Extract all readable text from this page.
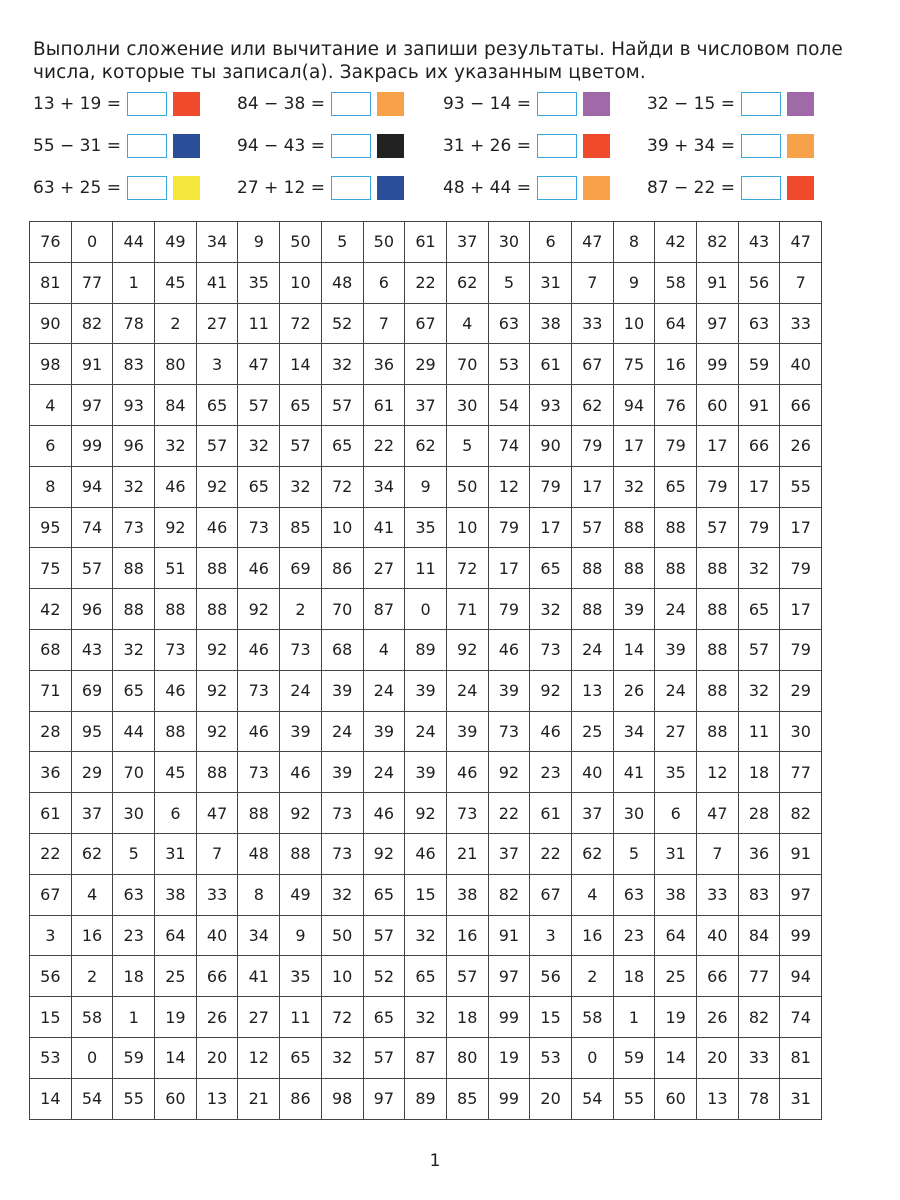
Выполни сложение или вычитание и запиши результаты. Найди в числовом поле
числа, которые ты записал(а). Закрась их указанным цветом.
13 + 19 =	84 − 38 =	93 − 14 =	32 − 15 =
55 − 31 =	94 − 43 =	31 + 26 =	39 + 34 =
63 + 25 =	27 + 12 =	48 + 44 =	87 − 22 =
76	0	44	49	34	9	50	5	50	61	37	30	6	47	8	42	82	43	47
81	77	1	45	41	35	10	48	6	22	62	5	31	7	9	58	91	56	7
90	82	78	2	27	11	72	52	7	67	4	63	38	33	10	64	97	63	33
98	91	83	80	3	47	14	32	36	29	70	53	61	67	75	16	99	59	40
4	97	93	84	65	57	65	57	61	37	30	54	93	62	94	76	60	91	66
6	99	96	32	57	32	57	65	22	62	5	74	90	79	17	79	17	66	26
8	94	32	46	92	65	32	72	34	9	50	12	79	17	32	65	79	17	55
95	74	73	92	46	73	85	10	41	35	10	79	17	57	88	88	57	79	17
75	57	88	51	88	46	69	86	27	11	72	17	65	88	88	88	88	32	79
42	96	88	88	88	92	2	70	87	0	71	79	32	88	39	24	88	65	17
68	43	32	73	92	46	73	68	4	89	92	46	73	24	14	39	88	57	79
71	69	65	46	92	73	24	39	24	39	24	39	92	13	26	24	88	32	29
28	95	44	88	92	46	39	24	39	24	39	73	46	25	34	27	88	11	30
36	29	70	45	88	73	46	39	24	39	46	92	23	40	41	35	12	18	77
61	37	30	6	47	88	92	73	46	92	73	22	61	37	30	6	47	28	82
22	62	5	31	7	48	88	73	92	46	21	37	22	62	5	31	7	36	91
67	4	63	38	33	8	49	32	65	15	38	82	67	4	63	38	33	83	97
3	16	23	64	40	34	9	50	57	32	16	91	3	16	23	64	40	84	99
56	2	18	25	66	41	35	10	52	65	57	97	56	2	18	25	66	77	94
15	58	1	19	26	27	11	72	65	32	18	99	15	58	1	19	26	82	74
53	0	59	14	20	12	65	32	57	87	80	19	53	0	59	14	20	33	81
14	54	55	60	13	21	86	98	97	89	85	99	20	54	55	60	13	78	31
1
